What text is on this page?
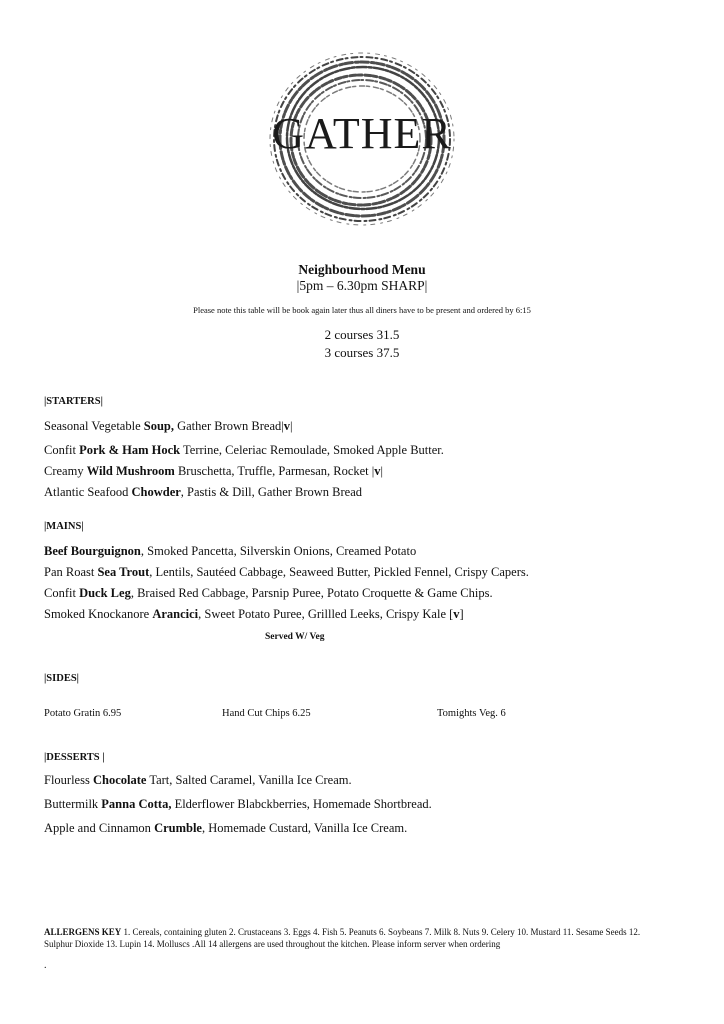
GATHER
Neighbourhood Menu
|5pm – 6.30pm SHARP|
Please note this table will be book again later thus all diners have to be present and ordered by 6:15
2 courses 31.5
3 courses 37.5
|STARTERS|
Seasonal Vegetable Soup, Gather Brown Bread|v|
Confit Pork & Ham Hock Terrine, Celeriac Remoulade, Smoked Apple Butter.
Creamy Wild Mushroom Bruschetta, Truffle, Parmesan, Rocket |v|
Atlantic Seafood Chowder, Pastis & Dill, Gather Brown Bread
|MAINS|
Beef Bourguignon, Smoked Pancetta, Silverskin Onions, Creamed Potato
Pan Roast Sea Trout, Lentils, Sautéed Cabbage, Seaweed Butter, Pickled Fennel, Crispy Capers.
Confit Duck Leg, Braised Red Cabbage, Parsnip Puree, Potato Croquette & Game Chips.
Smoked Knockanore Arancici, Sweet Potato Puree, Grillled Leeks, Crispy Kale [v]
Served W/ Veg
|SIDES|
Potato Gratin 6.95	Hand Cut Chips 6.25	Tomights Veg. 6
|DESSERTS |
Flourless Chocolate Tart, Salted Caramel, Vanilla Ice Cream.
Buttermilk Panna Cotta, Elderflower Blabckberries, Homemade Shortbread.
Apple and Cinnamon Crumble, Homemade Custard, Vanilla Ice Cream.
ALLERGENS KEY 1. Cereals, containing gluten 2. Crustaceans 3. Eggs 4. Fish 5. Peanuts 6. Soybeans 7. Milk 8. Nuts 9. Celery 10. Mustard 11. Sesame Seeds 12. Sulphur Dioxide 13. Lupin 14. Molluscs .All 14 allergens are used throughout the kitchen. Please inform server when ordering
.
